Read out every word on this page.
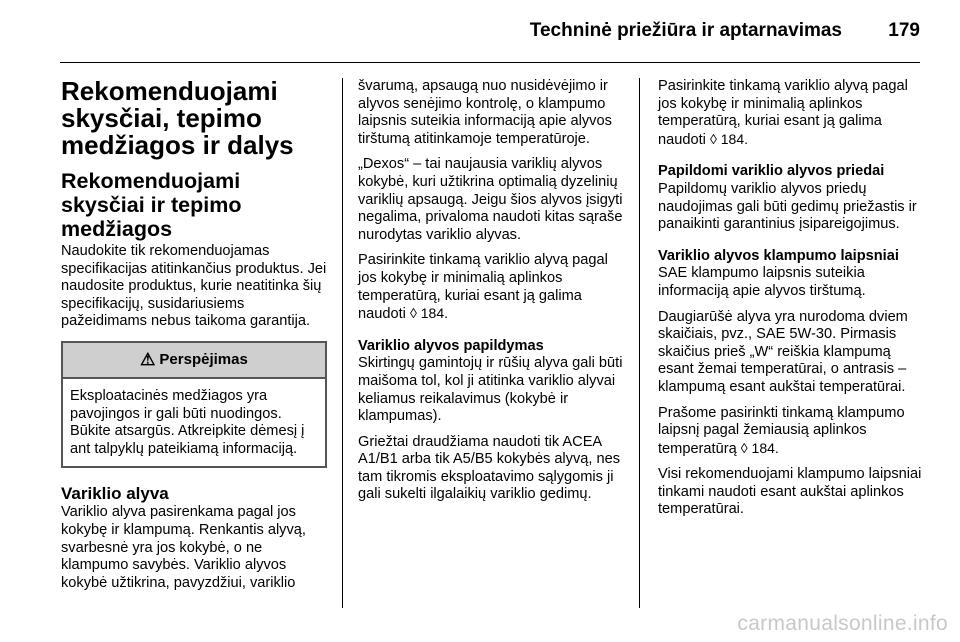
Techninė priežiūra ir aptarnavimas 179
Rekomenduojami skysčiai, tepimo medžiagos ir dalys
Rekomenduojami skysčiai ir tepimo medžiagos

Naudokite tik rekomenduojamas specifikacijas atitinkančius produktus. Jei naudosite produktus, kurie neatitinka šių specifikacijų, susidariusiems pažeidimams nebus taikoma garantija.

⚠ Perspėjimas
Eksploatacinės medžiagos yra pavojingos ir gali būti nuodingos. Būkite atsargūs. Atkreipkite dėmesį į ant talpyklų pateikiamą informaciją.
Variklio alyva

Variklio alyva pasirenkama pagal jos kokybę ir klampumą. Renkantis alyvą, svarbesnė yra jos kokybė, o ne klampumo savybės. Variklio alyvos kokybė užtikrina, pavyzdžiui, variklio

švarumą, apsaugą nuo nusidėvėjimo ir alyvos senėjimo kontrolę, o klampumo laipsnis suteikia informaciją apie alyvos tirštumą atitinkamoje temperatūroje.

„Dexos“ – tai naujausia variklių alyvos kokybė, kuri užtikrina optimalią dyzelinių variklių apsaugą. Jeigu šios alyvos įsigyti negalima, privaloma naudoti kitas sąraše nurodytas variklio alyvas.

Pasirinkite tinkamą variklio alyvą pagal jos kokybę ir minimalią aplinkos temperatūrą, kuriai esant ją galima naudoti ◊ 184.

Variklio alyvos papildymas

Skirtingų gamintojų ir rūšių alyva gali būti maišoma tol, kol ji atitinka variklio alyvai keliamus reikalavimus (kokybė ir klampumas).

Griežtai draudžiama naudoti tik ACEA A1/B1 arba tik A5/B5 kokybės alyvą, nes tam tikromis eksploatavimo sąlygomis ji gali sukelti ilgalaikių variklio gedimų.

Pasirinkite tinkamą variklio alyvą pagal jos kokybę ir minimalią aplinkos temperatūrą, kuriai esant ją galima naudoti ◊ 184.

Papildomi variklio alyvos priedai

Papildomų variklio alyvos priedų naudojimas gali būti gedimų priežastis ir panaikinti garantinius įsipareigojimus.

Variklio alyvos klampumo laipsniai

SAE klampumo laipsnis suteikia informaciją apie alyvos tirštumą.

Daugiarūšė alyva yra nurodoma dviem skaičiais, pvz., SAE 5W-30. Pirmasis skaičius prieš „W“ reiškia klampumą esant žemai temperatūrai, o antrasis – klampumą esant aukštai temperatūrai.

Prašome pasirinkti tinkamą klampumo laipsnį pagal žemiausią aplinkos temperatūrą ◊ 184.

Visi rekomenduojami klampumo laipsniai tinkami naudoti esant aukštai aplinkos temperatūrai.

carmanualsonline.info
